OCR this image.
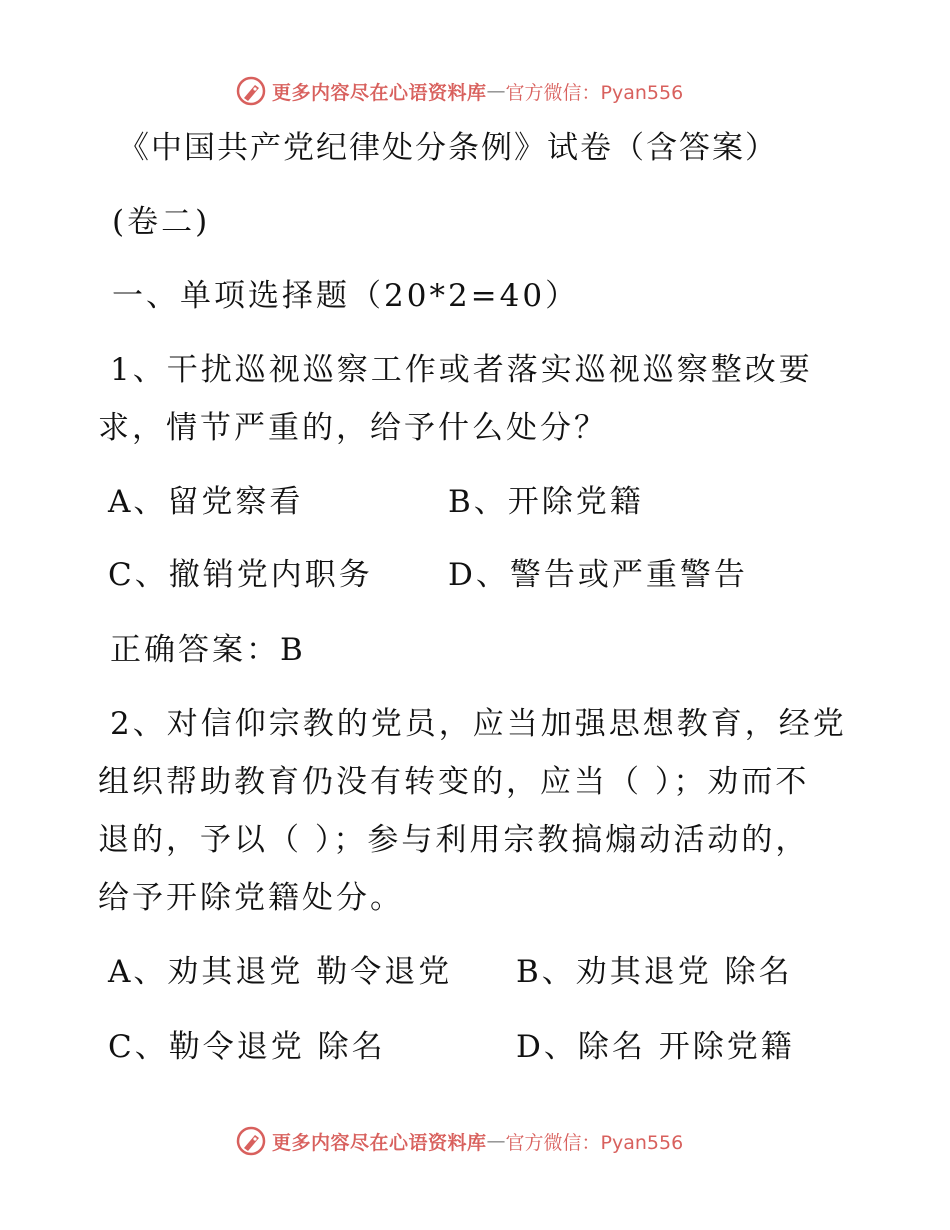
更多内容尽在心语资料库 — 官方微信：Pyan556
《中国共产党纪律处分条例》试卷（含答案）
(卷二)
一、单项选择题（20*2=40）
1、干扰巡视巡察工作或者落实巡视巡察整改要
求，情节严重的，给予什么处分？
A、留党察看	B、开除党籍
C、撤销党内职务 D、警告或严重警告
正确答案：B
2、对信仰宗教的党员，应当加强思想教育，经党
组织帮助教育仍没有转变的，应当（ ）；劝而不
退的，予以（ ）；参与利用宗教搞煽动活动的，
给予开除党籍处分。
A、劝其退党 勒令退党 B、劝其退党 除名
C、勒令退党 除名	D、除名 开除党籍
更多内容尽在心语资料库 — 官方微信：Pyan556
